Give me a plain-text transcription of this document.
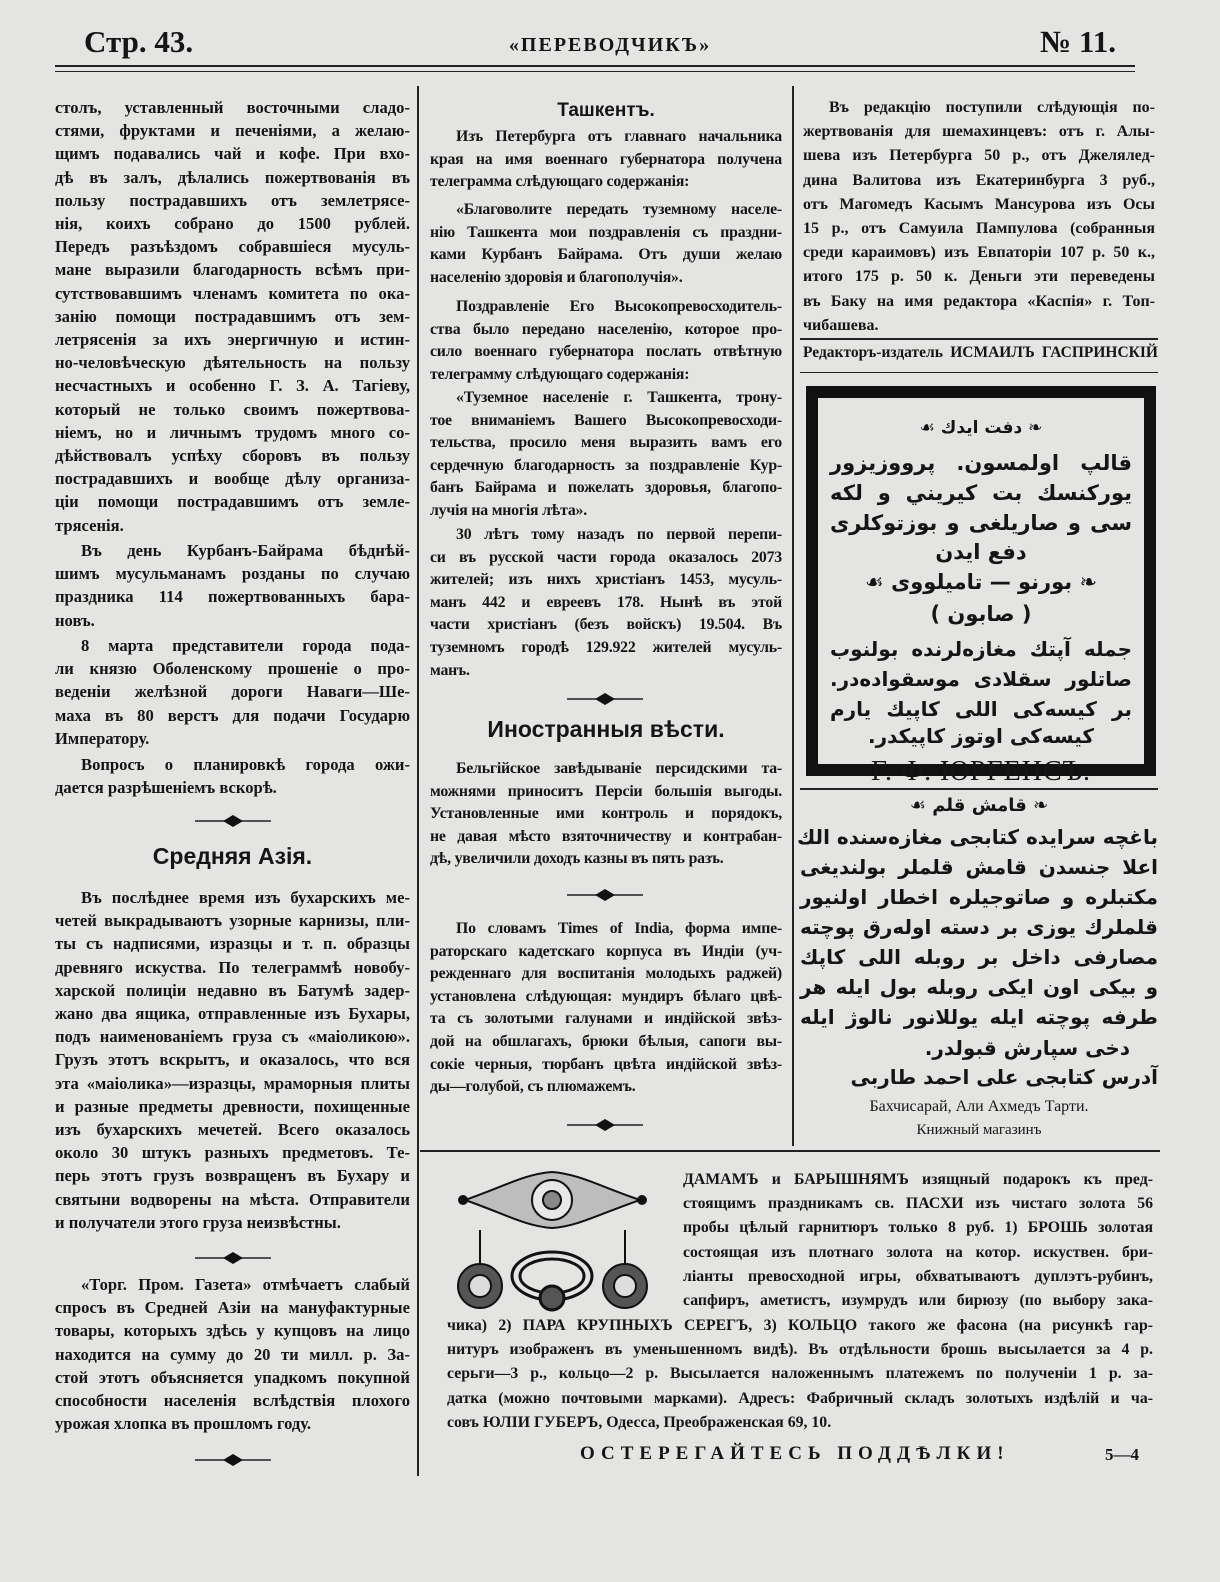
Стр. 43.	«ПЕРЕВОДЧИКЪ»	№ 11.
столъ, уставленный восточными сладо-
стями, фруктами и печеніями, а желаю-
щимъ подавались чай и кофе. При вхо-
дѣ въ залъ, дѣлались пожертвованія въ
пользу пострадавшихъ отъ землетрясе-
нія, коихъ собрано до 1500 рублей.
Передъ разъѣздомъ собравшіеся мусуль-
мане выразили благодарность всѣмъ при-
сутствовавшимъ членамъ комитета по ока-
занію помощи пострадавшимъ отъ зем-
летрясенія за ихъ энергичную и истин-
но-человѣческую дѣятельность на пользу
несчастныхъ и особенно Г. З. А. Тагіеву,
который не только своимъ пожертвова-
ніемъ, но и личнымъ трудомъ много со-
дѣйствовалъ успѣху сборовъ въ пользу
пострадавшихъ и вообще дѣлу организа-
ціи помощи пострадавшимъ отъ земле-
трясенія.
Въ день Курбанъ-Байрама бѣднѣй-
шимъ мусульманамъ розданы по случаю
праздника 114 пожертвованныхъ бара-
новъ.
8 марта представители города пода-
ли князю Оболенскому прошеніе о про-
веденіи желѣзной дороги Наваги—Ше-
маха въ 80 верстъ для подачи Государю
Императору.
Вопросъ о планировкѣ города ожи-
дается разрѣшеніемъ вскорѣ.
Средняя Азія.
Въ послѣднее время изъ бухарскихъ ме-
четей выкрадываютъ узорные карнизы, пли-
ты съ надписями, изразцы и т. п. образцы
древняго искуства. По телеграммѣ новобу-
харской полиціи недавно въ Батумѣ задер-
жано два ящика, отправленные изъ Бухары,
подъ наименованіемъ груза съ «маіоликою».
Грузъ этотъ вскрытъ, и оказалось, что вся
эта «маіолика»—изразцы, мраморныя плиты
и разные предметы древности, похищенные
изъ бухарскихъ мечетей. Всего оказалось
около 30 штукъ разныхъ предметовъ. Те-
перь этотъ грузъ возвращенъ въ Бухару и
святыни водворены на мѣста. Отправители
и получатели этого груза неизвѣстны.
«Торг. Пром. Газета» отмѣчаетъ слабый
спросъ въ Средней Азіи на мануфактурные
товары, которыхъ здѣсь у купцовъ на лицо
находится на сумму до 20 ти милл. р. За-
стой этотъ объясняется упадкомъ покупной
способности населенія вслѣдствія плохого
урожая хлопка въ прошломъ году.
Ташкентъ.
Изъ Петербурга отъ главнаго начальника
края на имя военнаго губернатора получена
телеграмма слѣдующаго содержанія:
«Благоволите передать туземному населе-
нію Ташкента мои поздравленія съ праздни-
ками Курбанъ Байрама. Отъ души желаю
населенію здоровія и благополучія».
Поздравленіе Его Высокопревосходитель-
ства было передано населенію, которое про-
сило военнаго губернатора послать отвѣтную
телеграмму слѣдующаго содержанія:
«Туземное населеніе г. Ташкента, трону-
тое вниманіемъ Вашего Высокопревосходи-
тельства, просило меня выразить вамъ его
сердечную благодарность за поздравленіе Кур-
банъ Байрама и пожелать здоровья, благопо-
лучія на многія лѣта».
30 лѣтъ тому назадъ по первой перепи-
си въ русской части города оказалось 2073
жителей; изъ нихъ христіанъ 1453, мусуль-
манъ 442 и евреевъ 178. Нынѣ въ этой
части христіанъ (безъ войскъ) 19.504. Въ
туземномъ городѣ 129.922 жителей мусуль-
манъ.
Иностранныя вѣсти.
Бельгійское завѣдываніе персидскими та-
можнями приноситъ Персіи большія выгоды.
Установленные ими контроль и порядокъ,
не давая мѣсто взяточничеству и контрабан-
дѣ, увеличили доходъ казны въ пять разъ.
По словамъ Times of India, форма импе-
раторскаго кадетскаго корпуса въ Индіи (уч-
режденнаго для воспитанія молодыхъ раджей)
установлена слѣдующая: мундиръ бѣлаго цвѣ-
та съ золотыми галунами и индійской звѣз-
дой на обшлагахъ, брюки бѣлыя, сапоги вы-
сокіе черныя, тюрбанъ цвѣта индійской звѣз-
ды—голубой, съ плюмажемъ.
Въ редакцію поступили слѣдующія по-
жертвованія для шемахинцевъ: отъ г. Алы-
шева изъ Петербурга 50 р., отъ Джелялед-
дина Валитова изъ Екатеринбурга 3 руб.,
отъ Магомедъ Касымъ Мансурова изъ Осы
15 р., отъ Самуила Пампулова (собранныя
среди караимовъ) изъ Евпаторіи 107 р. 50 к.,
итого 175 р. 50 к. Деньги эти переведены
въ Баку на имя редактора «Каспія» г. Топ-
чибашева.
Редакторъ-издатель ИСМАИЛЪ ГАСПРИНСКІЙ
❧ دفت ايدك ☙
قالپ اولمسون. پرووزيزور
يوركنسك بت كيريني و لكه
سى و صاريلغى و بوزتوكلرى
دفع ايدن
❧ بورنو — تاميلووى ☙
( صابون )
جمله آپتك مغازه‌لرنده بولنوب
صاتلور سقلادى موسقوادەدر.
بر كيسه‌كى اللى كاپيك يارم
كيسه‌كى اوتوز كاپيكدر.
Г. Ф. ЮРГЕНСЪ.
❧ قامش قلم ☙
باغچه سرايده كتابجى مغازه‌سنده الك
اعلا جنسدن قامش قلملر بولنديغى
مكتبلره و صاتوجيلره اخطار اولنيور
قلملرك يوزى بر دسته اوله‌رق پوچته
مصارفى داخل بر روبله اللى كاپك
و بيكى اون ايكى روبله بول ايله هر
طرفه پوچته ايله يوللانور نالوژ ايله
دخى سپارش قبولدر.
آدرس كتابجى على احمد طاربى
Бахчисарай, Али Ахмедъ Тарти.
Книжный магазинъ
ДАМАМЪ и БАРЫШНЯМЪ изящный подарокъ къ пред-
стоящимъ праздникамъ св. ПАСХИ изъ чистаго золота 56
пробы цѣлый гарнитюръ только 8 руб. 1) БРОШЬ золотая
состоящая изъ плотнаго золота на котор. искуствен. бри-
ліанты превосходной игры, обхватываютъ дуплэтъ-рубинъ,
сапфиръ, аметистъ, изумрудъ или бирюзу (по выбору зака-
чика) 2) ПАРА КРУПНЫХЪ СЕРЕГЪ, 3) КОЛЬЦО такого же фасона (на рисункѣ гар-
нитуръ изображенъ въ уменьшенномъ видѣ). Въ отдѣльности брошь высылается за 4 р.
серьги—3 р., кольцо—2 р. Высылается наложеннымъ платежемъ по полученіи 1 р. за-
датка (можно почтовыми марками). Адресъ: Фабричный складъ золотыхъ издѣлій и ча-
совъ ЮЛІИ ГУБЕРЪ, Одесса, Преображенская 69, 10.
ОСТЕРЕГАЙТЕСЬ ПОДДѢЛКИ!	5—4
